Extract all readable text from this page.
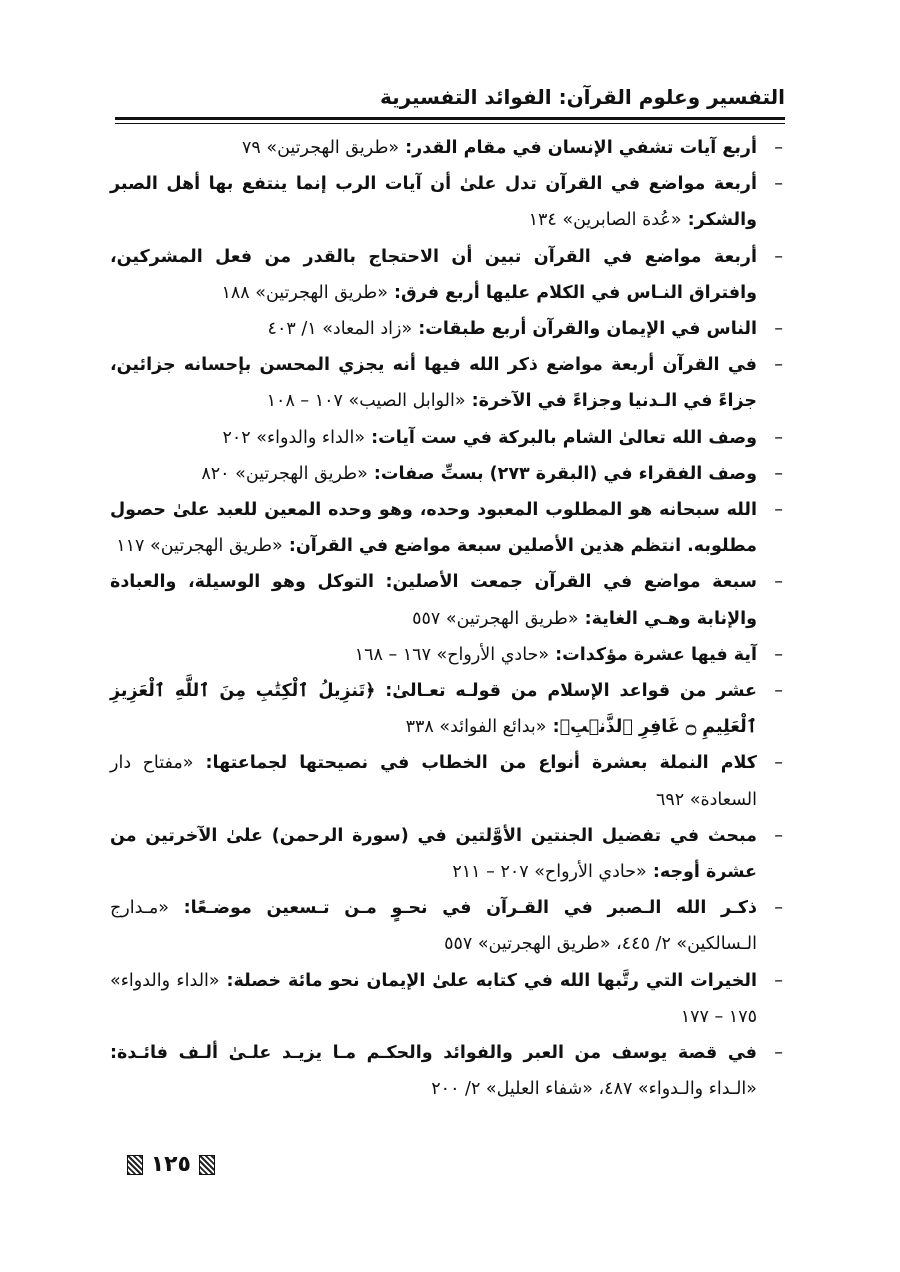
التفسير وعلوم القرآن: الفوائد التفسيرية

–
أربع آيات تشفي الإنسان في مقام القدر: «طريق الهجرتين» ٧٩

–
أربعة مواضع في القرآن تدل علىٰ أن آيات الرب إنما ينتفع بها أهل الصبر والشكر: «عُدة الصابرين» ١٣٤

–
أربعة مواضع في القرآن تبين أن الاحتجاج بالقدر من فعل المشركين، وافتراق النـاس في الكلام عليها أربع فرق: «طريق الهجرتين» ١٨٨

–
الناس في الإيمان والقرآن أربع طبقات: «زاد المعاد» ١/ ٤٠٣

–
في القرآن أربعة مواضع ذكر الله فيها أنه يجزي المحسن بإحسانه جزائين، جزاءً في الـدنيا وجزاءً في الآخرة: «الوابل الصيب» ١٠٧ – ١٠٨

–
وصف الله تعالىٰ الشام بالبركة في ست آيات: «الداء والدواء» ٢٠٢

–
وصف الفقراء في (البقرة ٢٧٣) بستِّ صفات: «طريق الهجرتين» ٨٢٠

–
الله سبحانه هو المطلوب المعبود وحده، وهو وحده المعين للعبد علىٰ حصول مطلوبه. انتظم هذين الأصلين سبعة مواضع في القرآن: «طريق الهجرتين» ١١٧

–
سبعة مواضع في القرآن جمعت الأصلين: التوكل وهو الوسيلة، والعبادة والإنابة وهـي الغاية: «طريق الهجرتين» ٥٥٧

–
آية فيها عشرة مؤكدات: «حادي الأرواح» ١٦٧ – ١٦٨

–
عشر من قواعد الإسلام من قولـه تعـالىٰ: ﴿تَنزِيلُ ٱلْكِتَٰبِ مِنَ ٱللَّهِ ٱلْعَزِيزِ ٱلْعَلِيمِ ۝ غَافِرِ ٱلذَّنۢبِ﴾: «بدائع الفوائد» ٣٣٨

–
كلام النملة بعشرة أنواع من الخطاب في نصيحتها لجماعتها: «مفتاح دار السعادة» ٦٩٢

–
مبحث في تفضيل الجنتين الأوَّلتين في (سورة الرحمن) علىٰ الآخرتين من عشرة أوجه: «حادي الأرواح» ٢٠٧ – ٢١١

–
ذكـر الله الـصبر في القـرآن في نحـوٍ مـن تـسعين موضـعًا: «مـدارج الـسالكين» ٢/ ٤٤٥، «طريق الهجرتين» ٥٥٧

–
الخيرات التي رتَّبها الله في كتابه علىٰ الإيمان نحو مائة خصلة: «الداء والدواء» ١٧٥ – ١٧٧

–
في قصة يوسف من العبر والفوائد والحكـم مـا يزيـد علـىٰ ألـف فائـدة: «الـداء والـدواء» ٤٨٧، «شفاء العليل» ٢/ ٢٠٠

١٢٥
